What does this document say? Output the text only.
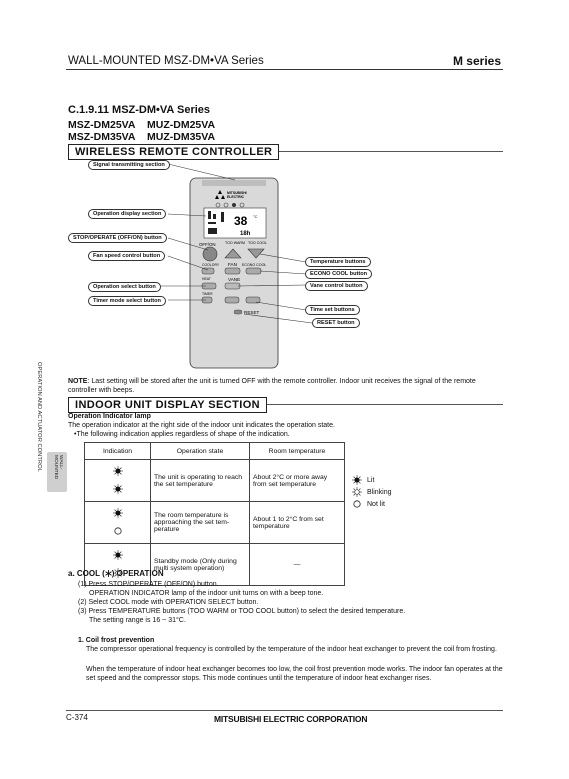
WALL-MOUNTED MSZ-DM•VA Series	M series
C.1.9.11 MSZ-DM•VA Series
MSZ-DM25VA MUZ-DM25VA
MSZ-DM35VA MUZ-DM35VA
WIRELESS REMOTE CONTROLLER
MITSUBISHI
ELECTRIC
38 °C
18h
OFF/ON	TOO WARM TOO COOL
COOL DRY FAN ECONO COOL
HEAT	VANE
TIMER
RESET
Signal transmitting section
Operation display section
STOP/OPERATE (OFF/ON) button
Fan speed control button
Operation select button
Timer mode select button
Temperature buttons
ECONO COOL button
Vane control button
Time set buttons
RESET button
OPERATION AND ACTUATOR CONTROL	WALL-MOUNTED
NOTE: Last setting will be stored after the unit is turned OFF with the remote controller. Indoor unit receives the signal of the remote controller with beeps.
INDOOR UNIT DISPLAY SECTION
Operation Indicator lamp
The operation indicator at the right side of the indoor unit indicates the operation state.
•The following indication applies regardless of shape of the indication.
Indication	Operation state	Room temperature

	The unit is operating to reach the set temperature	About 2°C or more away from set temperature

	The room temperature is approaching the set tem-perature	About 1 to 2°C from set temperature

	Standby mode (Only during multi system operation)	—
Lit
Blinking
Not lit
a. COOL ( ) OPERATION
(1) Press STOP/OPERATE (OFF/ON) button.
OPERATION INDICATOR lamp of the indoor unit turns on with a beep tone.
(2) Select COOL mode with OPERATION SELECT button.
(3) Press TEMPERATURE buttons (TOO WARM or TOO COOL button) to select the desired temperature.
The setting range is 16 ~ 31°C.
1. Coil frost prevention
The compressor operational frequency is controlled by the temperature of the indoor heat exchanger to prevent the coil from frosting.
When the temperature of indoor heat exchanger becomes too low, the coil frost prevention mode works. The indoor fan operates at the set speed and the compressor stops. This mode continues until the temperature of indoor heat exchanger rises.
C-374	MITSUBISHI ELECTRIC CORPORATION
